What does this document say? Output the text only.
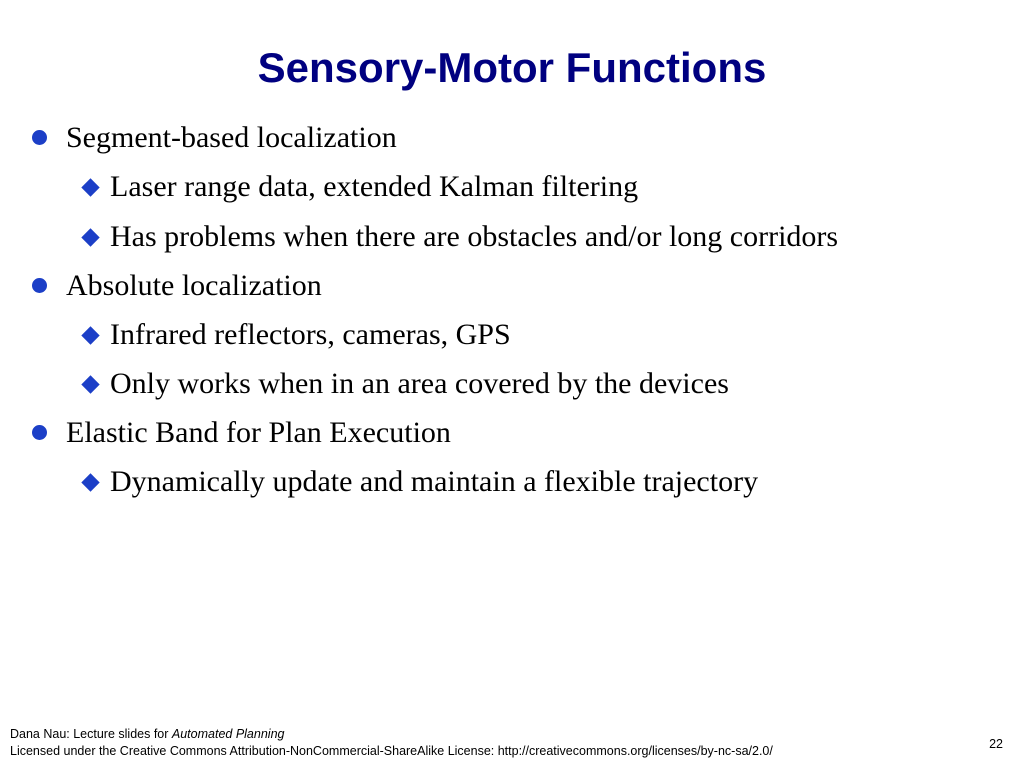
Sensory-Motor Functions
Segment-based localization
Laser range data, extended Kalman filtering
Has problems when there are obstacles and/or long corridors
Absolute localization
Infrared reflectors, cameras, GPS
Only works when in an area covered by the devices
Elastic Band for Plan Execution
Dynamically update and maintain a flexible trajectory
Dana Nau: Lecture slides for Automated Planning
Licensed under the Creative Commons Attribution-NonCommercial-ShareAlike License: http://creativecommons.org/licenses/by-nc-sa/2.0/	22
